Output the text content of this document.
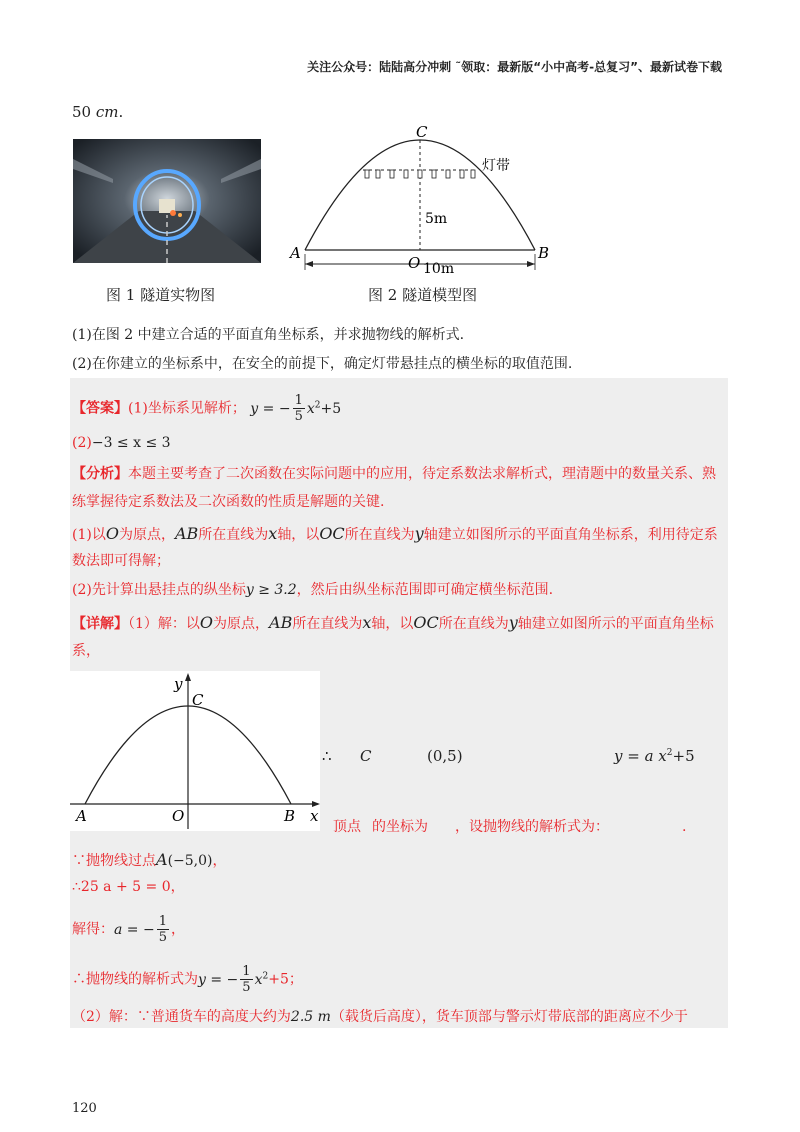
关注公众号：陆陆高分冲刺 ˜领取：最新版“小中高考-总复习”、最新试卷下载
50 cm.
图 1 隧道实物图
C
A	B
O
灯带
5m
10m
图 2 隧道模型图
(1)在图 2 中建立合适的平面直角坐标系，并求抛物线的解析式.
(2)在你建立的坐标系中，在安全的前提下，确定灯带悬挂点的横坐标的取值范围.
【答案】(1)坐标系见解析； y = − $\frac{1}{5} x^2+5$
(2)−3 ≤ x ≤ 3
【分析】本题主要考查了二次函数在实际问题中的应用，待定系数法求解析式，理清题中的数量关系、熟
练掌握待定系数法及二次函数的性质是解题的关键.
(1)以O为原点，AB所在直线为x轴，以OC所在直线为y轴建立如图所示的平面直角坐标系，利用待定系
数法即可得解；
(2)先计算出悬挂点的纵坐标y ≥ 3.2，然后由纵坐标范围即可确定横坐标范围.
【详解】（1）解：以O为原点，AB所在直线为x轴，以OC所在直线为y轴建立如图所示的平面直角坐标
系，
y
C
A	O	B x
∴ C	(0,5)	y = a $x^2+5$
顶点 的坐标为 ，设抛物线的解析式为：	.
∵抛物线过点A(−5,0)，
∴25 a + 5 = 0，
解得：a = − $\frac{1}{5}$ ，
∴抛物线的解析式为y = − $\frac{1}{5} x^2+5$；
（2）解：∵普通货车的高度大约为2.5 m（载货后高度），货车顶部与警示灯带底部的距离应不少于
120
